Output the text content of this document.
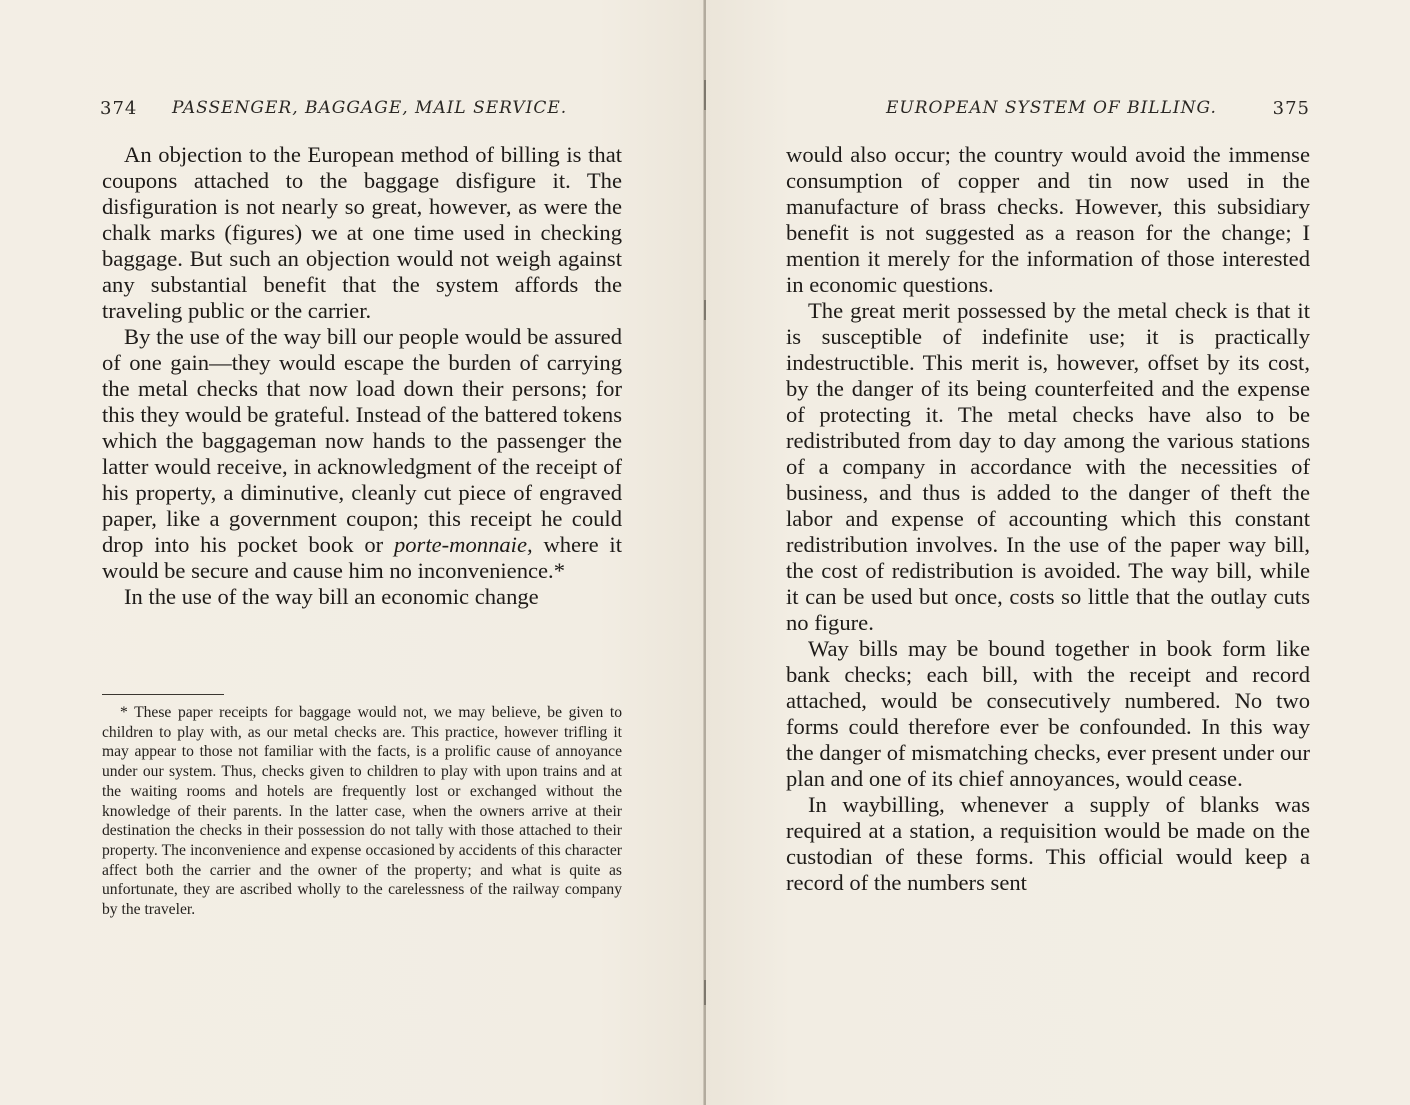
374 PASSENGER, BAGGAGE, MAIL SERVICE.

An objection to the European method of billing is that coupons attached to the baggage disfigure it. The disfiguration is not nearly so great, however, as were the chalk marks (figures) we at one time used in checking baggage. But such an objection would not weigh against any substantial benefit that the system affords the traveling public or the carrier.

By the use of the way bill our people would be assured of one gain—they would escape the burden of carrying the metal checks that now load down their persons; for this they would be grateful. Instead of the battered tokens which the baggageman now hands to the passenger the latter would receive, in acknowledgment of the receipt of his property, a diminutive, cleanly cut piece of engraved paper, like a government coupon; this receipt he could drop into his pocket book or porte-monnaie, where it would be secure and cause him no inconvenience.*

In the use of the way bill an economic change

* These paper receipts for baggage would not, we may believe, be given to children to play with, as our metal checks are. This practice, however trifling it may appear to those not familiar with the facts, is a prolific cause of annoyance under our system. Thus, checks given to children to play with upon trains and at the waiting rooms and hotels are frequently lost or exchanged without the knowledge of their parents. In the latter case, when the owners arrive at their destination the checks in their possession do not tally with those attached to their property. The inconvenience and expense occasioned by accidents of this character affect both the carrier and the owner of the property; and what is quite as unfortunate, they are ascribed wholly to the carelessness of the railway company by the traveler.

EUROPEAN SYSTEM OF BILLING.	375

would also occur; the country would avoid the immense consumption of copper and tin now used in the manufacture of brass checks. However, this subsidiary benefit is not suggested as a reason for the change; I mention it merely for the information of those interested in economic questions.

The great merit possessed by the metal check is that it is susceptible of indefinite use; it is practically indestructible. This merit is, however, offset by its cost, by the danger of its being counterfeited and the expense of protecting it. The metal checks have also to be redistributed from day to day among the various stations of a company in accordance with the necessities of business, and thus is added to the danger of theft the labor and expense of accounting which this constant redistribution involves. In the use of the paper way bill, the cost of redistribution is avoided. The way bill, while it can be used but once, costs so little that the outlay cuts no figure.

Way bills may be bound together in book form like bank checks; each bill, with the receipt and record attached, would be consecutively numbered. No two forms could therefore ever be confounded. In this way the danger of mismatching checks, ever present under our plan and one of its chief annoyances, would cease.

In waybilling, whenever a supply of blanks was required at a station, a requisition would be made on the custodian of these forms. This official would keep a record of the numbers sent
